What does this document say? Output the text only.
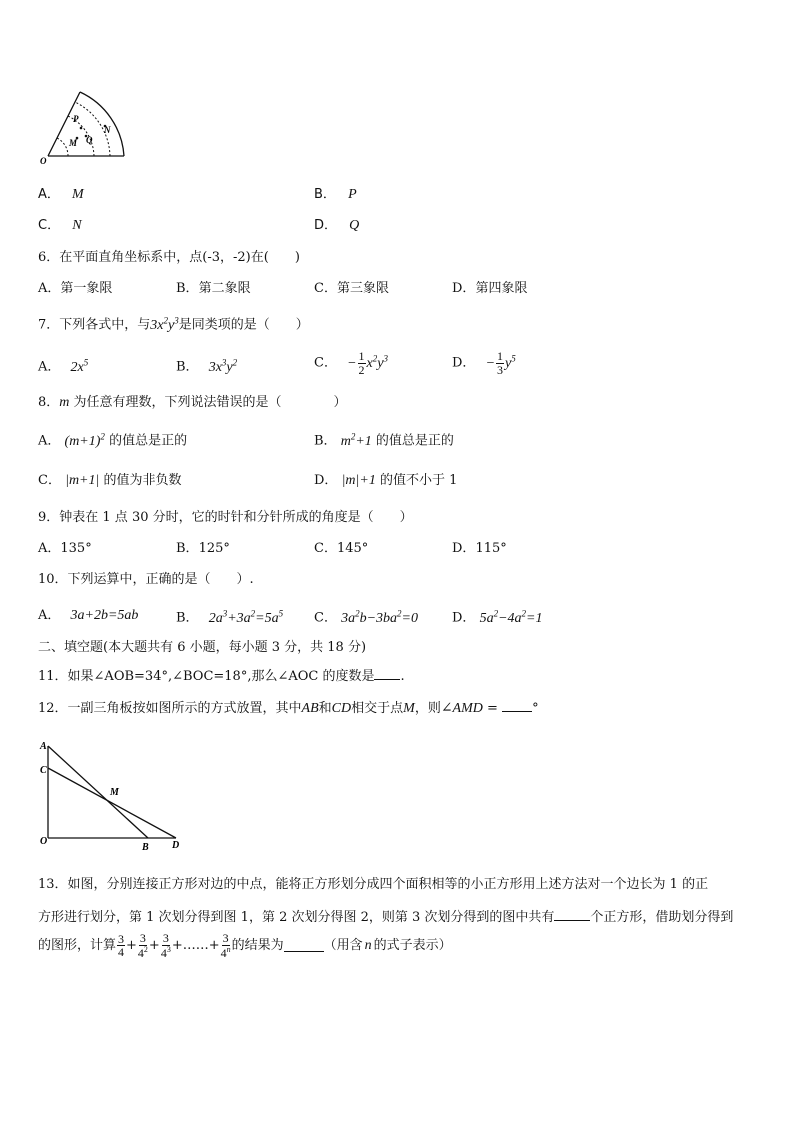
O
P
N
M Q
A． M	B． P
C． N	D． Q
6．在平面直角坐标系中，点(-3，-2)在(　　)
A．第一象限	B．第二象限	C．第三象限	D．第四象限
7．下列各式中，与$3x^2y^3$是同类项的是（　　）
A． $2x^5$	B． $3x^3y^2$	C． − $\frac{1}{2} x^2y^3$	D． − $\frac{1}{3} y^5$
8．m 为任意有理数，下列说法错误的是（　　　　）
A． $(m+1)^2$ 的值总是正的	B． $m^2+1$ 的值总是正的
C． |m+1| 的值为非负数	D． |m|+1 的值不小于 1
9．钟表在 1 点 30 分时，它的时针和分针所成的角度是（　　）
A．135°	B．125°	C．145°	D．115°
10．下列运算中，正确的是（　　）.
A． 3a+2b=5ab	B． $2a^3+3a^2=5a^5$ C． $3a^2b-3ba^2=0$	D． $5a^2-4a^2=1$
二、填空题(本大题共有 6 小题，每小题 3 分，共 18 分)
11．如果∠AOB=34°,∠BOC=18°,那么∠AOC 的度数是 .
12．一副三角板按如图所示的方式放置，其中AB和CD相交于点M，则∠AMD = °
A
C
M
O
B D
13．如图，分别连接正方形对边的中点，能将正方形划分成四个面积相等的小正方形用上述方法对一个边长为 1 的正
方形进行划分，第 1 次划分得到图 1，第 2 次划分得图 2，则第 3 次划分得到的图中共有	个正方形，借助划分得到
的图形，计算 $\frac{3}{4} + \frac{3}{4^2} + \frac{3}{4^3}$ +……+ $\frac{3}{4^n}$ 的结果为	（用含 n 的式子表示）
